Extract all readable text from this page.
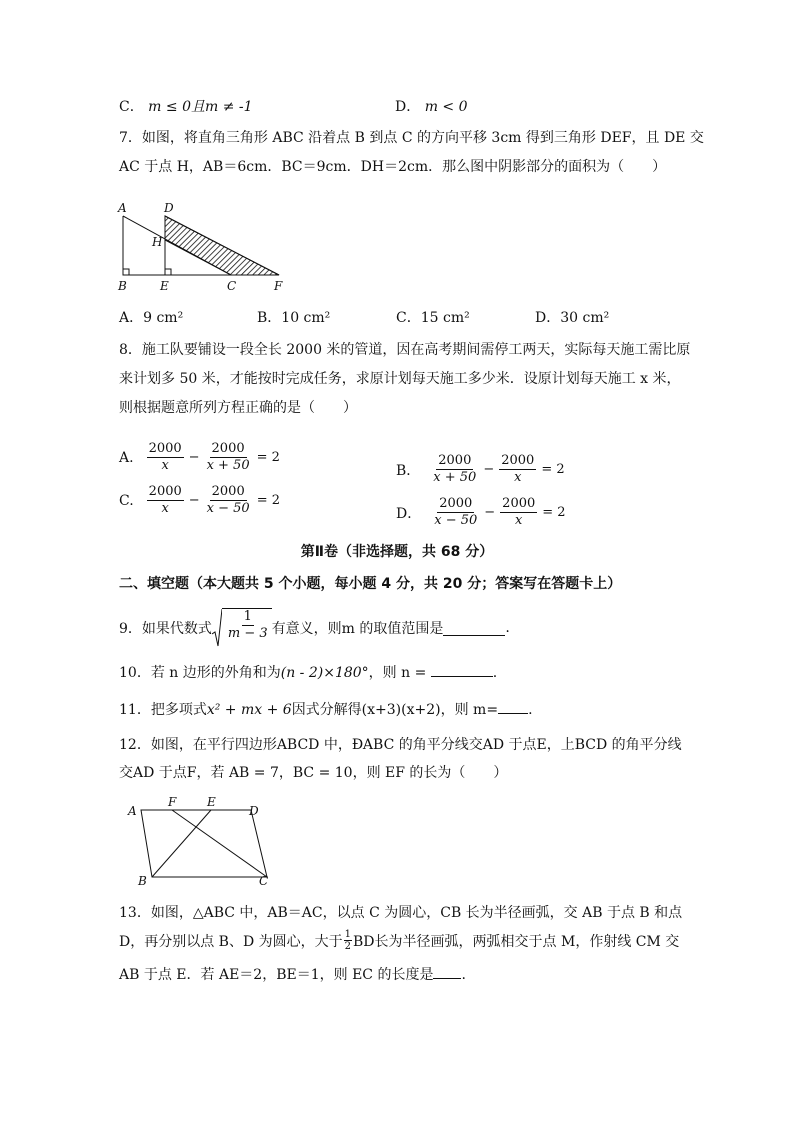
C． m ≤ 0且m ≠ -1	D． m < 0
7．如图，将直角三角形 ABC 沿着点 B 到点 C 的方向平移 3cm 得到三角形 DEF，且 DE 交
AC 于点 H，AB＝6cm．BC＝9cm．DH＝2cm．那么图中阴影部分的面积为（　　）
A	D
H
B	E	C	F
A．9 cm²	B．10 cm²	C．15 cm²	D．30 cm²
8．施工队要铺设一段全长 2000 米的管道，因在高考期间需停工两天，实际每天施工需比原
来计划多 50 米，才能按时完成任务，求原计划每天施工多少米．设原计划每天施工 x 米，
则根据题意所列方程正确的是（　　）
A. $\frac{2000}{x} - \frac{2000}{x + 50} = 2$
B． $\frac{2000}{x + 50} - \frac{2000}{x} = 2$
C. $\frac{2000}{x} - \frac{2000}{x - 50} = 2$
D． $\frac{2000}{x - 50} - \frac{2000}{x} = 2$
第Ⅱ卷（非选择题，共 68 分）
二、填空题（本大题共 5 个小题，每小题 4 分，共 20 分；答案写在答题卡上）
9．如果代数式 $\frac{1}{m - 3}$ 有意义，则m 的取值范围是	.
10．若 n 边形的外角和为(n - 2)×180°，则 n =	.
11．把多项式x² + mx + 6因式分解得(x+3)(x+2)，则 m= .
12．如图，在平行四边形ABCD 中，ÐABC 的角平分线交AD 于点E，上BCD 的角平分线
交AD 于点F，若 AB = 7，BC = 10，则 EF 的长为（　　）
A
F	E
D
B	C
13．如图，△ABC 中，AB＝AC，以点 C 为圆心，CB 长为半径画弧，交 AB 于点 B 和点
D，再分别以点 B、D 为圆心，大于 $\frac{1}{2}$ BD长为半径画弧，两弧相交于点 M，作射线 CM 交
AB 于点 E．若 AE＝2，BE＝1，则 EC 的长度是 .
